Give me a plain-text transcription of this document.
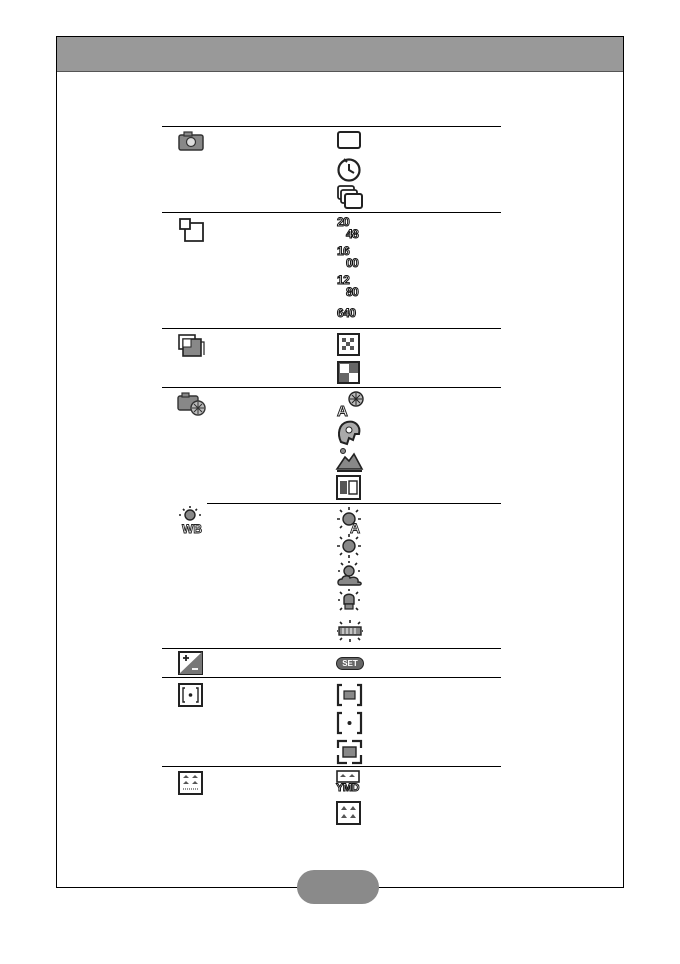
20
48
16
00
12
80
640
A
WB	A
SET
YMD
